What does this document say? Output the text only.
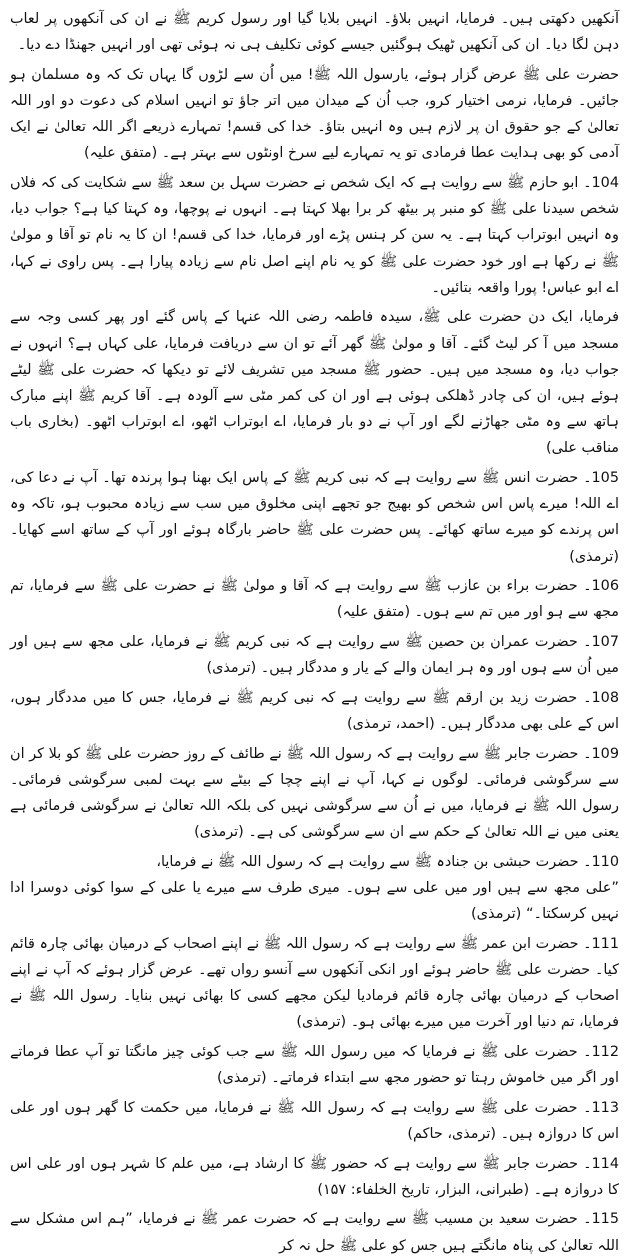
آنکھیں دکھتی ہیں۔ فرمایا، انہیں بلاؤ۔ انہیں بلایا گیا اور رسول کریم ﷺ نے ان کی آنکھوں پر لعاب دہن لگا دیا۔ ان کی آنکھیں ٹھیک ہوگئیں جیسے کوئی تکلیف ہی نہ ہوئی تھی اور انہیں جھنڈا دے دیا۔

حضرت علی ﷺ عرض گزار ہوئے، یارسول اللہ ﷺ! میں اُن سے لڑوں گا یہاں تک کہ وہ مسلمان ہو جائیں۔ فرمایا، نرمی اختیار کرو، جب اُن کے میدان میں اتر جاؤ تو انہیں اسلام کی دعوت دو اور اللہ تعالیٰ کے جو حقوق ان پر لازم ہیں وہ انہیں بتاؤ۔ خدا کی قسم! تمہارے ذریعے اگر اللہ تعالیٰ نے ایک آدمی کو بھی ہدایت عطا فرمادی تو یہ تمہارے لیے سرخ اونٹوں سے بہتر ہے۔ (متفق علیہ)

104۔ ابو حازم ﷺ سے روایت ہے کہ ایک شخص نے حضرت سہل بن سعد ﷺ سے شکایت کی کہ فلاں شخص سیدنا علی ﷺ کو منبر پر بیٹھ کر برا بھلا کہتا ہے۔ انہوں نے پوچھا، وہ کہتا کیا ہے؟ جواب دیا، وہ انہیں ابوتراب کہتا ہے۔ یہ سن کر ہنس پڑے اور فرمایا، خدا کی قسم! ان کا یہ نام تو آقا و مولیٰ ﷺ نے رکھا ہے اور خود حضرت علی ﷺ کو یہ نام اپنے اصل نام سے زیادہ پیارا ہے۔ پس راوی نے کہا، اے ابو عباس! پورا واقعہ بتائیں۔

فرمایا، ایک دن حضرت علی ﷺ، سیدہ فاطمہ رضی اللہ عنہا کے پاس گئے اور پھر کسی وجہ سے مسجد میں آ کر لیٹ گئے۔ آقا و مولیٰ ﷺ گھر آئے تو ان سے دریافت فرمایا، علی کہاں ہے؟ انہوں نے جواب دیا، وہ مسجد میں ہیں۔ حضور ﷺ مسجد میں تشریف لائے تو دیکھا کہ حضرت علی ﷺ لیٹے ہوئے ہیں، ان کی چادر ڈھلکی ہوئی ہے اور ان کی کمر مٹی سے آلودہ ہے۔ آقا کریم ﷺ اپنے مبارک ہاتھ سے وہ مٹی جھاڑنے لگے اور آپ نے دو بار فرمایا، اے ابوتراب اٹھو، اے ابوتراب اٹھو۔ (بخاری باب مناقب علی)

105۔ حضرت انس ﷺ سے روایت ہے کہ نبی کریم ﷺ کے پاس ایک بھنا ہوا پرندہ تھا۔ آپ نے دعا کی، اے اللہ! میرے پاس اس شخص کو بھیج جو تجھے اپنی مخلوق میں سب سے زیادہ محبوب ہو، تاکہ وہ اس پرندے کو میرے ساتھ کھائے۔ پس حضرت علی ﷺ حاضر بارگاہ ہوئے اور آپ کے ساتھ اسے کھایا۔ (ترمذی)

106۔ حضرت براء بن عازب ﷺ سے روایت ہے کہ آقا و مولیٰ ﷺ نے حضرت علی ﷺ سے فرمایا، تم مجھ سے ہو اور میں تم سے ہوں۔ (متفق علیہ)

107۔ حضرت عمران بن حصین ﷺ سے روایت ہے کہ نبی کریم ﷺ نے فرمایا، علی مجھ سے ہیں اور میں اُن سے ہوں اور وہ ہر ایمان والے کے یار و مددگار ہیں۔ (ترمذی)

108۔ حضرت زید بن ارقم ﷺ سے روایت ہے کہ نبی کریم ﷺ نے فرمایا، جس کا میں مددگار ہوں، اس کے علی بھی مددگار ہیں۔ (احمد، ترمذی)

109۔ حضرت جابر ﷺ سے روایت ہے کہ رسول اللہ ﷺ نے طائف کے روز حضرت علی ﷺ کو بلا کر ان سے سرگوشی فرمائی۔ لوگوں نے کہا، آپ نے اپنے چچا کے بیٹے سے بہت لمبی سرگوشی فرمائی۔ رسول اللہ ﷺ نے فرمایا، میں نے اُن سے سرگوشی نہیں کی بلکہ اللہ تعالیٰ نے سرگوشی فرمائی ہے یعنی میں نے اللہ تعالیٰ کے حکم سے ان سے سرگوشی کی ہے۔ (ترمذی)

110۔ حضرت حبشی بن جنادہ ﷺ سے روایت ہے کہ رسول اللہ ﷺ نے فرمایا،

”علی مجھ سے ہیں اور میں علی سے ہوں۔ میری طرف سے میرے یا علی کے سوا کوئی دوسرا ادا نہیں کرسکتا۔“ (ترمذی)

111۔ حضرت ابن عمر ﷺ سے روایت ہے کہ رسول اللہ ﷺ نے اپنے اصحاب کے درمیان بھائی چارہ قائم کیا۔ حضرت علی ﷺ حاضر ہوئے اور انکی آنکھوں سے آنسو رواں تھے۔ عرض گزار ہوئے کہ آپ نے اپنے اصحاب کے درمیان بھائی چارہ قائم فرمادیا لیکن مجھے کسی کا بھائی نہیں بنایا۔ رسول اللہ ﷺ نے فرمایا، تم دنیا اور آخرت میں میرے بھائی ہو۔ (ترمذی)

112۔ حضرت علی ﷺ نے فرمایا کہ میں رسول اللہ ﷺ سے جب کوئی چیز مانگتا تو آپ عطا فرماتے اور اگر میں خاموش رہتا تو حضور مجھ سے ابتداء فرماتے۔ (ترمذی)

113۔ حضرت علی ﷺ سے روایت ہے کہ رسول اللہ ﷺ نے فرمایا، میں حکمت کا گھر ہوں اور علی اس کا دروازہ ہیں۔ (ترمذی، حاکم)

114۔ حضرت جابر ﷺ سے روایت ہے کہ حضور ﷺ کا ارشاد ہے، میں علم کا شہر ہوں اور علی اس کا دروازہ ہے۔ (طبرانی، البزار، تاریخ الخلفاء: ۱۵۷)

115۔ حضرت سعید بن مسیب ﷺ سے روایت ہے کہ حضرت عمر ﷺ نے فرمایا، ”ہم اس مشکل سے اللہ تعالیٰ کی پناہ مانگتے ہیں جس کو علی ﷺ حل نہ کر
